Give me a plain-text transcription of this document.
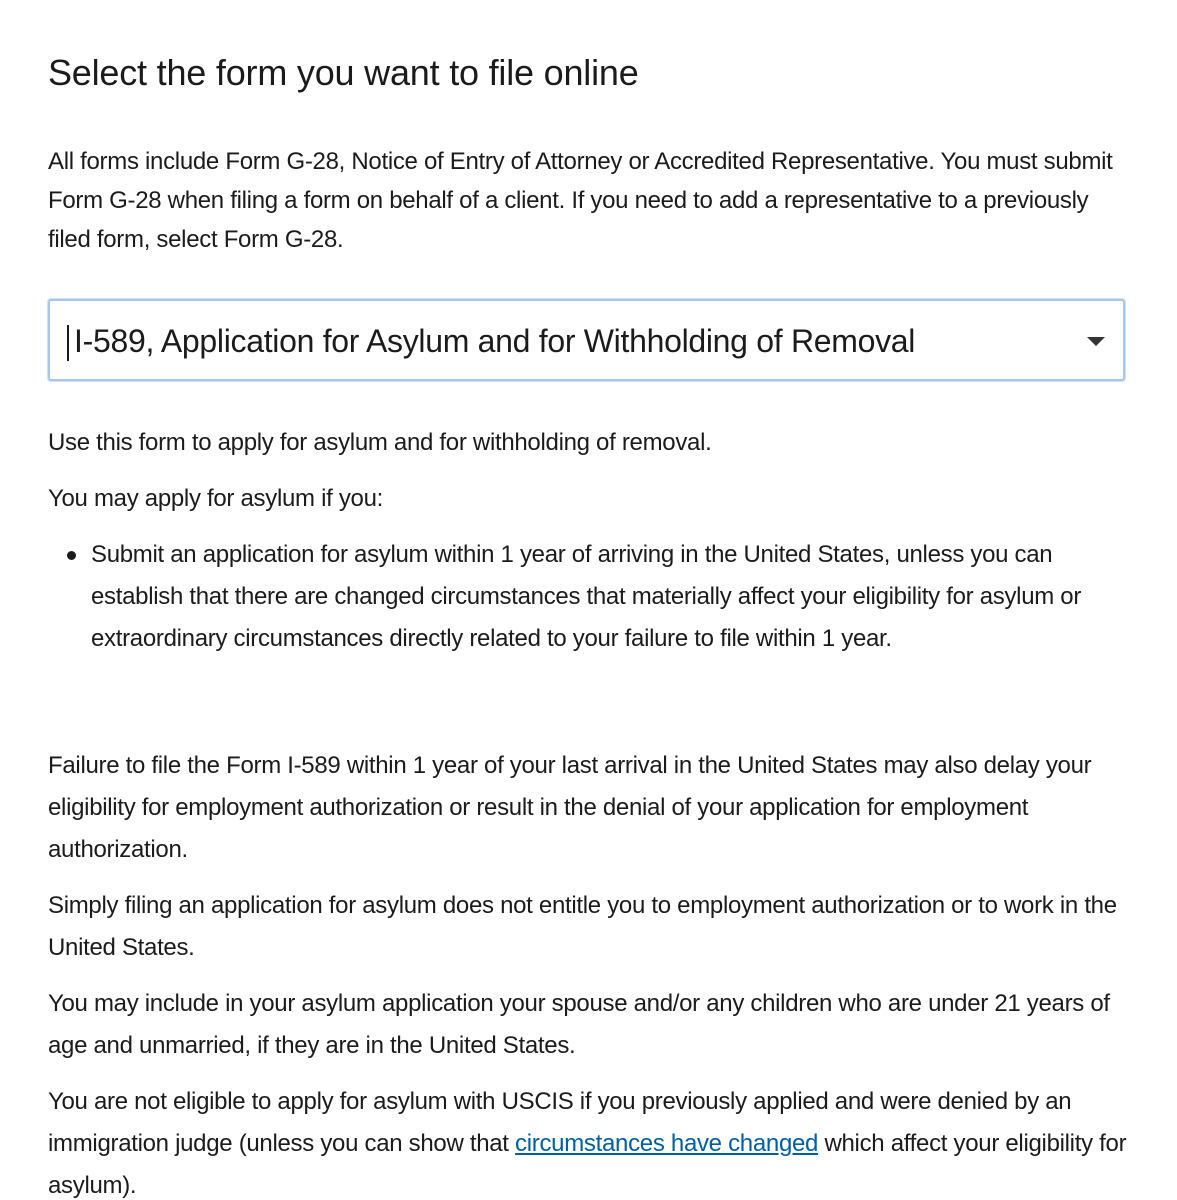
Select the form you want to file online

All forms include Form G-28, Notice of Entry of Attorney or Accredited Representative. You must submit Form G-28 when filing a form on behalf of a client. If you need to add a representative to a previously filed form, select Form G-28.

I-589, Application for Asylum and for Withholding of Removal

Use this form to apply for asylum and for withholding of removal.

You may apply for asylum if you:

Submit an application for asylum within 1 year of arriving in the United States, unless you can establish that there are changed circumstances that materially affect your eligibility for asylum or extraordinary circumstances directly related to your failure to file within 1 year.

Failure to file the Form I-589 within 1 year of your last arrival in the United States may also delay your eligibility for employment authorization or result in the denial of your application for employment authorization.

Simply filing an application for asylum does not entitle you to employment authorization or to work in the United States.

You may include in your asylum application your spouse and/or any children who are under 21 years of age and unmarried, if they are in the United States.

You are not eligible to apply for asylum with USCIS if you previously applied and were denied by an immigration judge (unless you can show that circumstances have changed which affect your eligibility for asylum).
